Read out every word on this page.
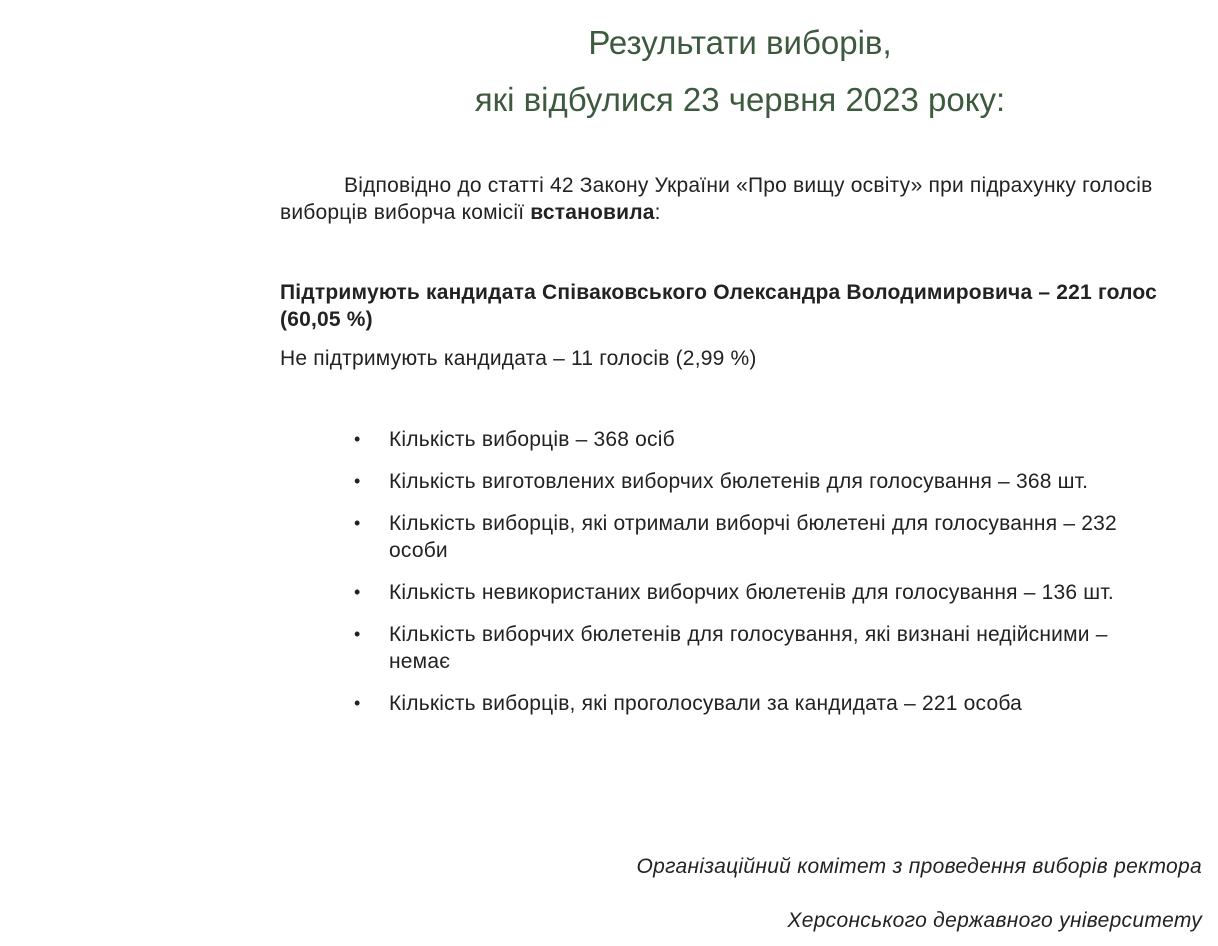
Результати виборів,
які відбулися 23 червня 2023 року:

Відповідно до статті 42 Закону України «Про вищу освіту» при підрахунку голосів виборців виборча комісії встановила:

Підтримують кандидата Співаковського Олександра Володимировича – 221 голос (60,05 %)

Не підтримують кандидата – 11 голосів (2,99 %)

• Кількість виборців – 368 осіб
• Кількість виготовлених виборчих бюлетенів для голосування – 368 шт.
• Кількість виборців, які отримали виборчі бюлетені для голосування – 232 особи
• Кількість невикористаних виборчих бюлетенів для голосування – 136 шт.
• Кількість виборчих бюлетенів для голосування, які визнані недійсними – немає
• Кількість виборців, які проголосували за кандидата – 221 особа

Організаційний комітет з проведення виборів ректора

Херсонського державного університету
